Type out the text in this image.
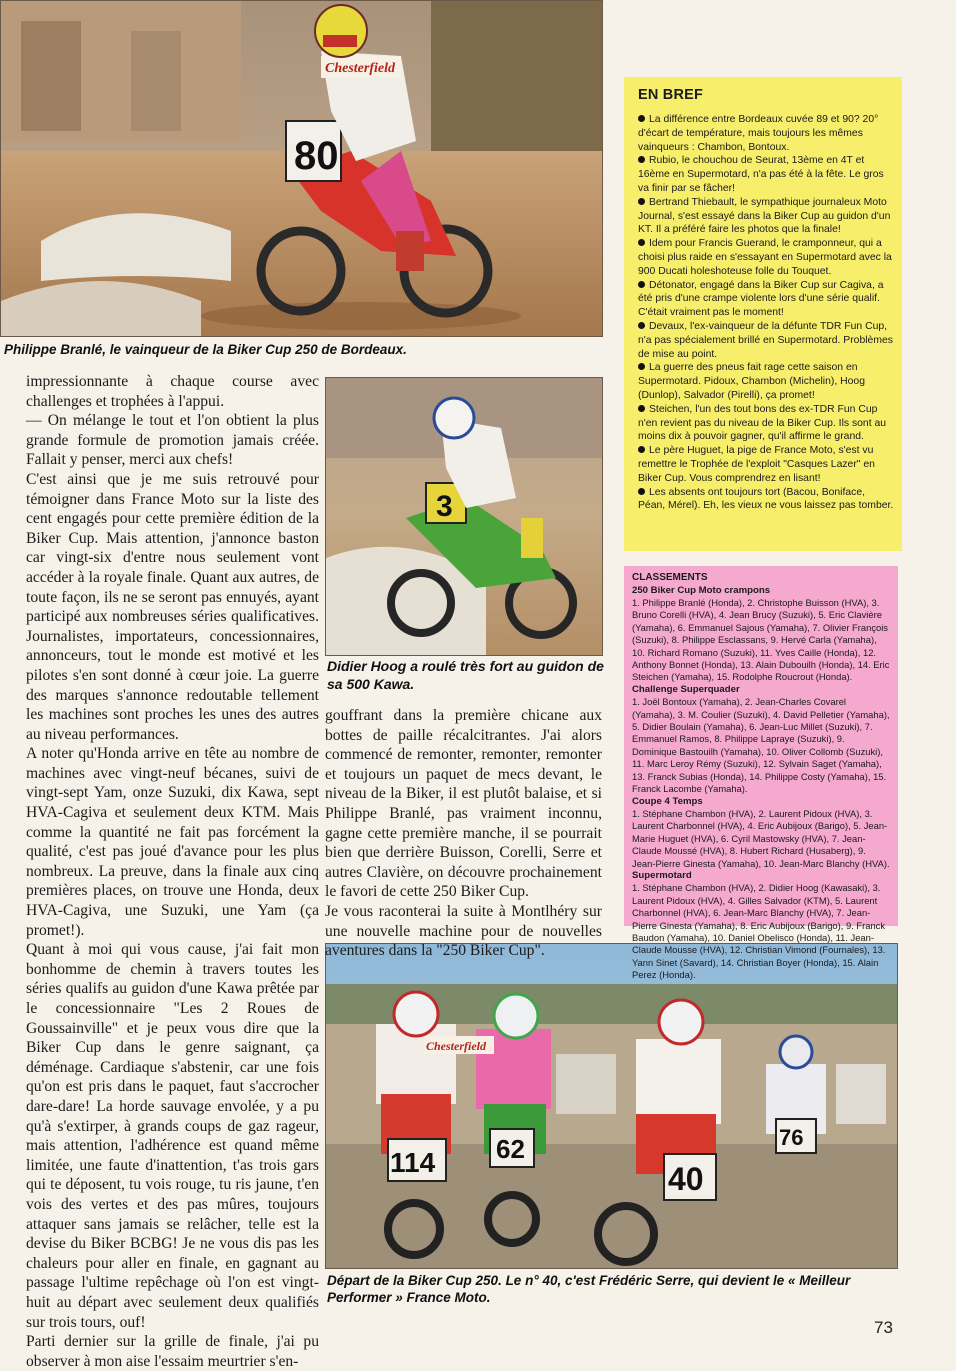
80
Chesterfield
Philippe Branlé, le vainqueur de la Biker Cup 250 de Bordeaux.
3
Didier Hoog a roulé très fort au guidon de sa 500 Kawa.
114 62
40
Chesterfield
76
Départ de la Biker Cup 250. Le n° 40, c'est Frédéric Serre, qui devient le « Meilleur Performer » France Moto.

gouffrant dans la première chicane aux bottes de paille récalcitrantes. J'ai alors commencé de remonter, remonter, remonter et toujours un paquet de mecs devant, le niveau de la Biker, il est plutôt balaise, et si Philippe Branlé, pas vraiment inconnu, gagne cette première manche, il se pourrait bien que derrière Buisson, Corelli, Serre et autres Clavière, on découvre prochainement le favori de cette 250 Biker Cup.

Je vous raconterai la suite à Montlhéry sur une nouvelle machine pour de nouvelles aventures dans la "250 Biker Cup".

EN BREF

La différence entre Bordeaux cuvée 89 et 90? 20° d'écart de température, mais toujours les mêmes vainqueurs : Chambon, Bontoux.

Rubio, le chouchou de Seurat, 13ème en 4T et 16ème en Supermotard, n'a pas été à la fête. Le gros va finir par se fâcher!

Bertrand Thiebault, le sympathique journaleux Moto Journal, s'est essayé dans la Biker Cup au guidon d'un KT. Il a préféré faire les photos que la finale!

Idem pour Francis Guerand, le cramponneur, qui a choisi plus raide en s'essayant en Supermotard avec la 900 Ducati holeshoteuse folle du Touquet.

Détonator, engagé dans la Biker Cup sur Cagiva, a été pris d'une crampe violente lors d'une série qualif. C'était vraiment pas le moment!

Devaux, l'ex-vainqueur de la défunte TDR Fun Cup, n'a pas spécialement brillé en Supermotard. Problèmes de mise au point.

La guerre des pneus fait rage cette saison en Supermotard. Pidoux, Chambon (Michelin), Hoog (Dunlop), Salvador (Pirelli), ça promet!

Steichen, l'un des tout bons des ex-TDR Fun Cup n'en revient pas du niveau de la Biker Cup. Ils sont au moins dix à pouvoir gagner, qu'il affirme le grand.

Le père Huguet, la pige de France Moto, s'est vu remettre le Trophée de l'exploit "Casques Lazer" en Biker Cup. Vous comprendrez en lisant!

Les absents ont toujours tort (Bacou, Boniface, Péan, Mérel). Eh, les vieux ne vous laissez pas tomber.

CLASSEMENTS

250 Biker Cup Moto crampons

1. Philippe Branlé (Honda), 2. Christophe Buisson (HVA), 3. Bruno Corelli (HVA), 4. Jean Brucy (Suzuki), 5. Eric Clavière (Yamaha), 6. Emmanuel Sajous (Yamaha), 7. Olivier François (Suzuki), 8. Philippe Esclassans, 9. Hervé Carla (Yamaha), 10. Richard Romano (Suzuki), 11. Yves Caille (Honda), 12. Anthony Bonnet (Honda), 13. Alain Dubouilh (Honda), 14. Eric Steichen (Yamaha), 15. Rodolphe Roucrout (Honda).

Challenge Superquader

1. Joël Bontoux (Yamaha), 2. Jean-Charles Covarel (Yamaha), 3. M. Coulier (Suzuki), 4. David Pelletier (Yamaha), 5. Didier Boulain (Yamaha), 6. Jean-Luc Millet (Suzuki), 7. Emmanuel Ramos, 8. Philippe Lapraye (Suzuki), 9. Dominique Bastouilh (Yamaha), 10. Oliver Collomb (Suzuki), 11. Marc Leroy Rémy (Suzuki), 12. Sylvain Saget (Yamaha), 13. Franck Subias (Honda), 14. Philippe Costy (Yamaha), 15. Franck Lacombe (Yamaha).

Coupe 4 Temps

1. Stéphane Chambon (HVA), 2. Laurent Pidoux (HVA), 3. Laurent Charbonnel (HVA), 4. Eric Aubijoux (Barigo), 5. Jean-Marie Huguet (HVA), 6. Cyril Mastowsky (HVA), 7. Jean-Claude Moussé (HVA), 8. Hubert Richard (Husaberg), 9. Jean-Pierre Ginesta (Yamaha), 10. Jean-Marc Blanchy (HVA).

Supermotard

1. Stéphane Chambon (HVA), 2. Didier Hoog (Kawasaki), 3. Laurent Pidoux (HVA), 4. Gilles Salvador (KTM), 5. Laurent Charbonnel (HVA), 6. Jean-Marc Blanchy (HVA), 7. Jean-Pierre Ginesta (Yamaha), 8. Eric Aubijoux (Barigo), 9. Franck Baudon (Yamaha), 10. Daniel Obelisco (Honda), 11. Jean-Claude Mousse (HVA), 12. Christian Vimond (Fournales), 13. Yann Sinet (Savard), 14. Christian Boyer (Honda), 15. Alain Perez (Honda).

73

impressionnante à chaque course avec challenges et trophées à l'appui.

— On mélange le tout et l'on obtient la plus grande formule de promotion jamais créée. Fallait y penser, merci aux chefs!

C'est ainsi que je me suis retrouvé pour témoigner dans France Moto sur la liste des cent engagés pour cette première édition de la Biker Cup. Mais attention, j'annonce baston car vingt-six d'entre nous seulement vont accéder à la royale finale. Quant aux autres, de toute façon, ils ne se seront pas ennuyés, ayant participé aux nombreuses séries qualificatives. Journalistes, importateurs, concessionnaires, annonceurs, tout le monde est motivé et les pilotes s'en sont donné à cœur joie. La guerre des marques s'annonce redoutable tellement les machines sont proches les unes des autres au niveau performances.

A noter qu'Honda arrive en tête au nombre de machines avec vingt-neuf bécanes, suivi de vingt-sept Yam, onze Suzuki, dix Kawa, sept HVA-Cagiva et seulement deux KTM. Mais comme la quantité ne fait pas forcément la qualité, c'est pas joué d'avance pour les plus nombreux. La preuve, dans la finale aux cinq premières places, on trouve une Honda, deux HVA-Cagiva, une Suzuki, une Yam (ça promet!).

Quant à moi qui vous cause, j'ai fait mon bonhomme de chemin à travers toutes les séries qualifs au guidon d'une Kawa prêtée par le concessionnaire "Les 2 Roues de Goussainville" et je peux vous dire que la Biker Cup dans le genre saignant, ça déménage. Cardiaque s'abstenir, car une fois qu'on est pris dans le paquet, faut s'accrocher dare-dare! La horde sauvage envolée, y a pu qu'à s'extirper, à grands coups de gaz rageur, mais attention, l'adhérence est quand même limitée, une faute d'inattention, t'as trois gars qui te déposent, tu vois rouge, tu ris jaune, t'en vois des vertes et des pas mûres, toujours attaquer sans jamais se relâcher, telle est la devise du Biker BCBG! Je ne vous dis pas les chaleurs pour aller en finale, en gagnant au passage l'ultime repêchage où l'on est vingt-huit au départ avec seulement deux qualifiés sur trois tours, ouf!

Parti dernier sur la grille de finale, j'ai pu observer à mon aise l'essaim meurtrier s'en-
